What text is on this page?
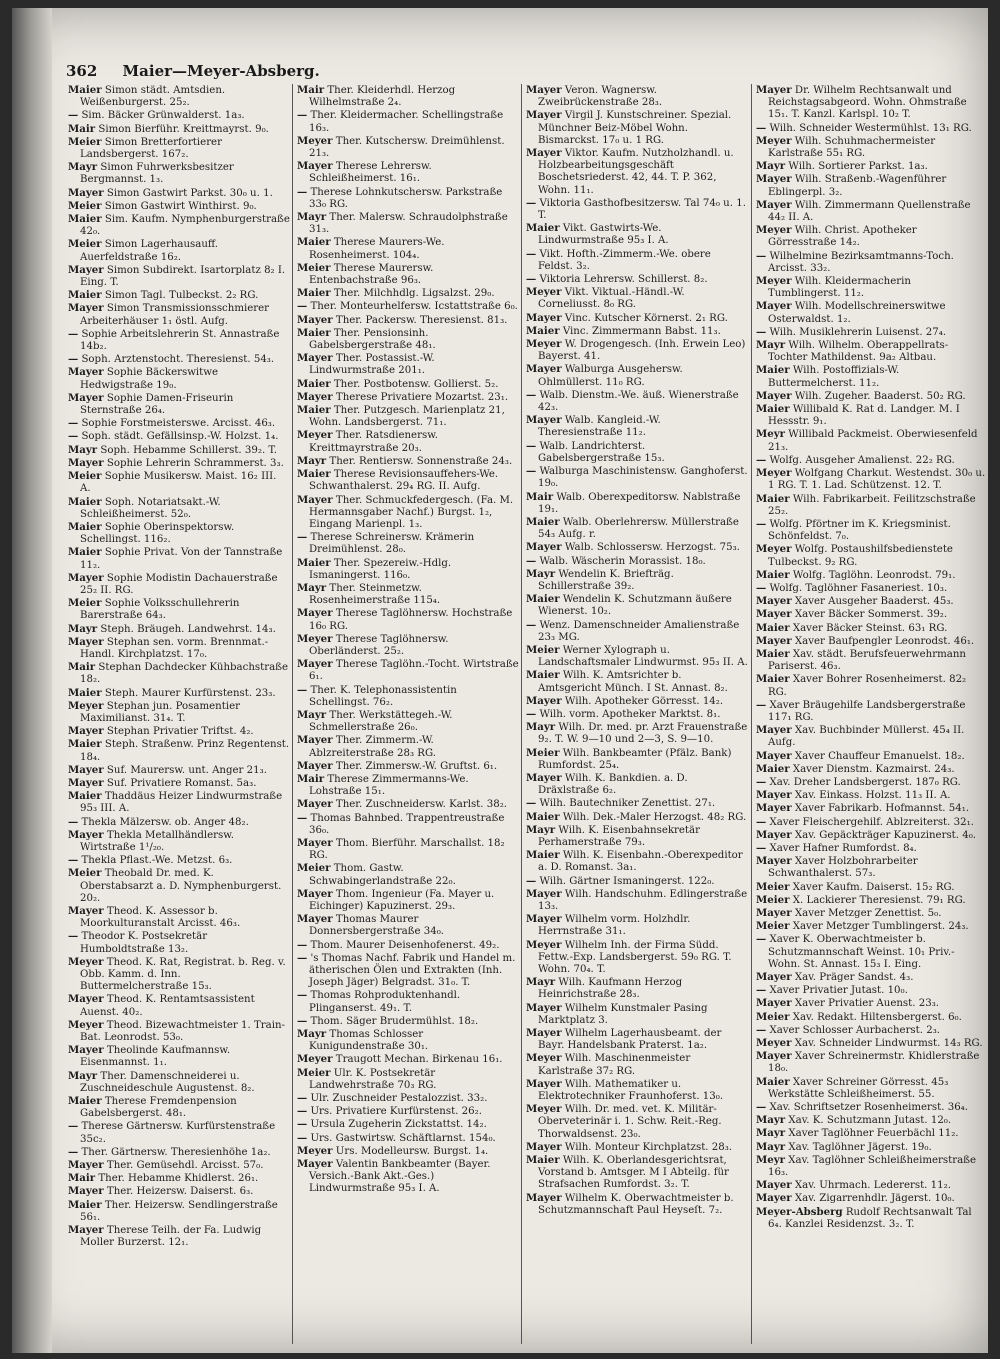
362 Maier—Meyer-Absberg.
Maier Simon städt. Amtsdien. Weißenburgerst. 25₂.
— Sim. Bäcker Grünwalderst. 1a₃.
Mair Simon Bierführ. Kreittmayrst. 9₀.
Meier Simon Bretterfortierer Landsbergerst. 167₂.
Mayr Simon Fuhrwerksbesitzer Bergmannst. 1₃.
Mayer Simon Gastwirt Parkst. 30₀ u. 1.
Meier Simon Gastwirt Winthirst. 9₀.
Maier Sim. Kaufm. Nymphenburgerstraße 42₀.
Meier Simon Lagerhausauff. Auerfeldstraße 16₂.
Mayer Simon Subdirekt. Isartorplatz 8₂ I. Eing. T.
Maier Simon Tagl. Tulbeckst. 2₂ RG.
Mayer Simon Transmissionsschmierer Arbeiterhäuser 1₁ östl. Aufg.
— Sophie Arbeitslehrerin St. Annastraße 14b₂.
— Soph. Arztenstocht. Theresienst. 54₃.
Mayer Sophie Bäckerswitwe Hedwigstraße 19₀.
Mayer Sophie Damen-Friseurin Sternstraße 26₄.
— Sophie Forstmeisterswe. Arcisst. 46₃.
— Soph. städt. Gefällsinsp.-W. Holzst. 1₄.
Mayr Soph. Hebamme Schillerst. 39₂. T.
Mayer Sophie Lehrerin Schrammerst. 3₃.
Meier Sophie Musikersw. Maist. 16₂ III. A.
Maier Soph. Notariatsakt.-W. Schleißheimerst. 52₀.
Maier Sophie Oberinspektorsw. Schellingst. 116₂.
Maier Sophie Privat. Von der Tannstraße 11₂.
Mayer Sophie Modistin Dachauerstraße 25₂ II. RG.
Meier Sophie Volksschullehrerin Barerstraße 64₃.
Mayr Steph. Bräugeh. Landwehrst. 14₃.
Mayer Stephan sen. vorm. Brennmat.-Handl. Kirchplatzst. 17₀.
Mair Stephan Dachdecker Kühbachstraße 18₂.
Maier Steph. Maurer Kurfürstenst. 23₃.
Meyer Stephan jun. Posamentier Maximilianst. 31₄. T.
Mayer Stephan Privatier Triftst. 4₂.
Maier Steph. Straßenw. Prinz Regentenst. 18₄.
Mayer Suf. Maurersw. unt. Anger 21₃.
Mayer Suf. Privatiere Romanst. 5a₃.
Maier Thaddäus Heizer Lindwurmstraße 95₃ III. A.
— Thekla Mälzersw. ob. Anger 48₂.
Mayer Thekla Metallhändlersw. Wirtstraße 1¹/₂₀.
— Thekla Pflast.-We. Metzst. 6₃.
Meier Theobald Dr. med. K. Oberstabsarzt a. D. Nymphenburgerst. 20₂.
Mayer Theod. K. Assessor b. Moorkulturanstalt Arcisst. 46₃.
— Theodor K. Postsekretär Humboldtstraße 13₂.
Meyer Theod. K. Rat, Registrat. b. Reg. v. Obb. Kamm. d. Inn. Buttermelcherstraße 15₃.
Mayer Theod. K. Rentamtsassistent Auenst. 40₂.
Meyer Theod. Bizewachtmeister 1. Train-Bat. Leonrodst. 53₀.
Mayer Theolinde Kaufmannsw. Eisenmannst. 1₁.
Mayr Ther. Damenschneiderei u. Zuschneideschule Augustenst. 8₂.
Maier Therese Fremdenpension Gabelsbergerst. 48₁.
— Therese Gärtnersw. Kurfürstenstraße 35c₂.
— Ther. Gärtnersw. Theresienhöhe 1a₂.
Mayer Ther. Gemüsehdl. Arcisst. 57₀.
Mair Ther. Hebamme Khidlerst. 26₁.
Mayer Ther. Heizersw. Daiserst. 6₃.
Maier Ther. Heizersw. Sendlingerstraße 56₁.
Mayer Therese Teilh. der Fa. Ludwig Moller Burzerst. 12₁.
Mair Ther. Kleiderhdl. Herzog Wilhelmstraße 2₄.
— Ther. Kleidermacher. Schellingstraße 16₃.
Meyer Ther. Kutschersw. Dreimühlenst. 21₃.
Mayer Therese Lehrersw. Schleißheimerst. 16₁.
— Therese Lohnkutschersw. Parkstraße 33₀ RG.
Mayr Ther. Malersw. Schraudolphstraße 31₃.
Maier Therese Maurers-We. Rosenheimerst. 104₄.
Meier Therese Maurersw. Entenbachstraße 96₃.
Maier Ther. Milchhdlg. Ligsalzst. 29₀.
— Ther. Monteurhelfersw. Icstattstraße 6₀.
Mayer Ther. Packersw. Theresienst. 81₃.
Maier Ther. Pensionsinh. Gabelsbergerstraße 48₁.
Mayer Ther. Postassist.-W. Lindwurmstraße 201₁.
Maier Ther. Postbotensw. Gollierst. 5₂.
Mayer Therese Privatiere Mozartst. 23₁.
Maier Ther. Putzgesch. Marienplatz 21, Wohn. Landsbergerst. 71₁.
Meyer Ther. Ratsdienersw. Kreittmayrstraße 20₃.
Mayr Ther. Rentiersw. Sonnenstraße 24₃.
Maier Therese Revisionsauffehers-We. Schwanthalerst. 29₄ RG. II. Aufg.
Mayer Ther. Schmuckfedergesch. (Fa. M. Hermannsgaber Nachf.) Burgst. 1₂, Eingang Marienpl. 1₃.
— Therese Schreinersw. Krämerin Dreimühlenst. 28₀.
Maier Ther. Spezereiw.-Hdlg. Ismaningerst. 116₀.
Mayr Ther. Steinmetzw. Rosenheimerstraße 115₄.
Mayer Therese Taglöhnersw. Hochstraße 16₀ RG.
Meyer Therese Taglöhnersw. Oberländerst. 25₂.
Mayer Therese Taglöhn.-Tocht. Wirtstraße 6₁.
— Ther. K. Telephonassistentin Schellingst. 76₂.
Mayr Ther. Werkstättegeh.-W. Schmellerstraße 26₀.
Mayer Ther. Zimmerm.-W. Ablzreiterstraße 28₃ RG.
Mayer Ther. Zimmersw.-W. Gruftst. 6₁.
Mair Therese Zimmermanns-We. Lohstraße 15₁.
Mayer Ther. Zuschneidersw. Karlst. 38₂.
— Thomas Bahnbed. Trappentreustraße 36₀.
Mayer Thom. Bierführ. Marschallst. 18₂ RG.
Meier Thom. Gastw. Schwabingerlandstraße 22₀.
Mayer Thom. Ingenieur (Fa. Mayer u. Eichinger) Kapuzinerst. 29₃.
Mayer Thomas Maurer Donnersbergerstraße 34₀.
— Thom. Maurer Deisenhofenerst. 49₂.
— 's Thomas Nachf. Fabrik und Handel m. ätherischen Ölen und Extrakten (Inh. Joseph Jäger) Belgradst. 31₀. T.
— Thomas Rohproduktenhandl. Plinganserst. 49₁. T.
— Thom. Säger Brudermühlst. 18₂.
Mayr Thomas Schlosser Kunigundenstraße 30₁.
Meyer Traugott Mechan. Birkenau 16₁.
Meier Ulr. K. Postsekretär Landwehrstraße 70₃ RG.
— Ulr. Zuschneider Pestalozzist. 33₂.
— Urs. Privatiere Kurfürstenst. 26₂.
— Ursula Zugeherin Zickstattst. 14₂.
— Urs. Gastwirtsw. Schäftlarnst. 154₀.
Meyer Urs. Modelleursw. Burgst. 1₄.
Mayer Valentin Bankbeamter (Bayer. Versich.-Bank Akt.-Ges.) Lindwurmstraße 95₃ I. A.
Mayer Veron. Wagnersw. Zweibrückenstraße 28₃.
Mayer Virgil J. Kunstschreiner. Spezial. Münchner Beiz-Möbel Wohn. Bismarckst. 17₀ u. 1 RG.
Mayer Viktor. Kaufm. Nutzholzhandl. u. Holzbearbeitungsgeschäft Boschetsriederst. 42, 44. T. P. 362, Wohn. 11₁.
— Viktoria Gasthofbesitzersw. Tal 74₀ u. 1. T.
Maier Vikt. Gastwirts-We. Lindwurmstraße 95₃ I. A.
— Vikt. Hofth.-Zimmerm.-We. obere Feldst. 3₂.
— Viktoria Lehrersw. Schillerst. 8₂.
Meyer Vikt. Viktual.-Händl.-W. Corneliusst. 8₀ RG.
Mayer Vinc. Kutscher Körnerst. 2₁ RG.
Maier Vinc. Zimmermann Babst. 11₃.
Meyer W. Drogengesch. (Inh. Erwein Leo) Bayerst. 41.
Mayer Walburga Ausgehersw. Ohlmüllerst. 11₀ RG.
— Walb. Dienstm.-We. äuß. Wienerstraße 42₃.
Mayer Walb. Kangleid.-W. Theresienstraße 11₂.
— Walb. Landrichterst. Gabelsbergerstraße 15₃.
— Walburga Maschinistensw. Ganghoferst. 19₀.
Mair Walb. Oberexpeditorsw. Nablstraße 19₁.
Maier Walb. Oberlehrersw. Müllerstraße 54₃ Aufg. r.
Mayer Walb. Schlossersw. Herzogst. 75₃.
— Walb. Wäscherin Morassist. 18₀.
Mayr Wendelin K. Briefträg. Schillerstraße 39₂.
Maier Wendelin K. Schutzmann äußere Wienerst. 10₂.
— Wenz. Damenschneider Amalienstraße 23₃ MG.
Meier Werner Xylograph u. Landschaftsmaler Lindwurmst. 95₃ II. A.
Maier Wilh. K. Amtsrichter b. Amtsgericht Münch. I St. Annast. 8₂.
Mayer Wilh. Apotheker Görresst. 14₂.
— Wilh. vorm. Apotheker Marktst. 8₁.
Mayr Wilh. Dr. med. pr. Arzt Frauenstraße 9₂. T. W. 9—10 und 2—3, S. 9—10.
Meier Wilh. Bankbeamter (Pfälz. Bank) Rumfordst. 25₄.
Mayer Wilh. K. Bankdien. a. D. Dräxlstraße 6₂.
— Wilh. Bautechniker Zenettist. 27₁.
Maier Wilh. Dek.-Maler Herzogst. 48₂ RG.
Mayr Wilh. K. Eisenbahnsekretär Perhamerstraße 79₃.
Maier Wilh. K. Eisenbahn.-Oberexpeditor a. D. Romanst. 3a₁.
— Wilh. Gärtner Ismaningerst. 122₀.
Mayer Wilh. Handschuhm. Edlingerstraße 13₃.
Mayer Wilhelm vorm. Holzhdlr. Herrnstraße 31₁.
Meyer Wilhelm Inh. der Firma Südd. Fettw.-Exp. Landsbergerst. 59₀ RG. T. Wohn. 70₄. T.
Mayr Wilh. Kaufmann Herzog Heinrichstraße 28₃.
Mayer Wilhelm Kunstmaler Pasing Marktplatz 3.
Mayer Wilhelm Lagerhausbeamt. der Bayr. Handelsbank Praterst. 1a₂.
Meyer Wilh. Maschinenmeister Karlstraße 37₂ RG.
Mayer Wilh. Mathematiker u. Elektrotechniker Fraunhoferst. 13₀.
Meyer Wilh. Dr. med. vet. K. Militär-Oberveterinär i. 1. Schw. Reit.-Reg. Thorwaldsenst. 23₀.
Mayer Wilh. Monteur Kirchplatzst. 28₃.
Maier Wilh. K. Oberlandesgerichtsrat, Vorstand b. Amtsger. M I Abteilg. für Strafsachen Rumfordst. 3₂. T.
Mayer Wilhelm K. Oberwachtmeister b. Schutzmannschaft Paul Heyseſt. 7₂.
Mayer Dr. Wilhelm Rechtsanwalt und Reichstagsabgeord. Wohn. Ohmstraße 15₁. T. Kanzl. Karlspl. 10₂ T.
— Wilh. Schneider Westermühlst. 13₁ RG.
Meyer Wilh. Schuhmachermeister Karlstraße 55₁ RG.
Mayr Wilh. Sortierer Parkst. 1a₃.
Mayer Wilh. Straßenb.-Wagenführer Eblingerpl. 3₂.
Mayer Wilh. Zimmermann Quellenstraße 44₂ II. A.
Meyer Wilh. Christ. Apotheker Görresstraße 14₂.
— Wilhelmine Bezirksamtmanns-Toch. Arcisst. 33₂.
Meyer Wilh. Kleidermacherin Tumblingerst. 11₂.
Mayer Wilh. Modellschreinerswitwe Osterwaldst. 1₂.
— Wilh. Musiklehrerin Luisenst. 27₄.
Mayr Wilh. Wilhelm. Oberappellrats-Tochter Mathildenst. 9a₂ Altbau.
Maier Wilh. Postoffizials-W. Buttermelcherst. 11₂.
Mayer Wilh. Zugeher. Baaderst. 50₂ RG.
Maier Willibald K. Rat d. Landger. M. I Hessstr. 9₁.
Meyr Willibald Packmeist. Oberwiesenfeld 21₃.
— Wolfg. Ausgeher Amalienst. 22₂ RG.
Meyer Wolfgang Charkut. Westendst. 30₀ u. 1 RG. T. 1. Lad. Schützenst. 12. T.
Maier Wilh. Fabrikarbeit. Feilitzschstraße 25₂.
— Wolfg. Pförtner im K. Kriegsminist. Schönfeldst. 7₀.
Meyer Wolfg. Postaushilfsbedienstete Tulbeckst. 9₂ RG.
Maier Wolfg. Taglöhn. Leonrodst. 79₁.
— Wolfg. Taglöhner Fasaneriest. 10₃.
Mayer Xaver Ausgeher Baaderst. 45₃.
Mayer Xaver Bäcker Sommerst. 39₂.
Maier Xaver Bäcker Steinst. 63₁ RG.
Mayer Xaver Baufpengler Leonrodst. 46₁.
Maier Xav. städt. Berufsfeuerwehrmann Pariserst. 46₃.
Maier Xaver Bohrer Rosenheimerst. 82₂ RG.
— Xaver Bräugehilfe Landsbergerstraße 117₁ RG.
Mayer Xav. Buchbinder Müllerst. 45₄ II. Aufg.
Mayer Xaver Chauffeur Emanuelst. 18₂.
Maier Xaver Dienstm. Kazmairst. 24₃.
— Xav. Dreher Landsbergerst. 187₀ RG.
Mayer Xav. Einkass. Holzst. 11₃ II. A.
Mayer Xaver Fabrikarb. Hofmannst. 54₁.
— Xaver Fleischergehilf. Ablzreiterst. 32₁.
Mayer Xav. Gepäckträger Kapuzinerst. 4₀.
— Xaver Hafner Rumfordst. 8₄.
Mayer Xaver Holzbohrarbeiter Schwanthalerst. 57₃.
Meier Xaver Kaufm. Daiserst. 15₂ RG.
Meier X. Lackierer Theresienst. 79₁ RG.
Mayer Xaver Metzger Zenettist. 5₀.
Meier Xaver Metzger Tumblingerst. 24₃.
— Xaver K. Oberwachtmeister b. Schutzmannschaft Weinst. 10₁ Priv.-Wohn. St. Annast. 15₃ I. Eing.
Mayer Xav. Präger Sandst. 4₃.
— Xaver Privatier Jutast. 10₀.
Mayer Xaver Privatier Auenst. 23₃.
Meier Xav. Redakt. Hiltensbergerst. 6₀.
— Xaver Schlosser Aurbacherst. 2₃.
Meyer Xav. Schneider Lindwurmst. 14₃ RG.
Mayer Xaver Schreinermstr. Khidlerstraße 18₀.
Maier Xaver Schreiner Görresst. 45₃ Werkstätte Schleißheimerst. 55.
— Xav. Schriftsetzer Rosenheimerst. 36₄.
Mayr Xav. K. Schutzmann Jutast. 12₀.
Mayr Xaver Taglöhner Feuerbächl 11₂.
Mayr Xav. Taglöhner Jägerst. 19₀.
Meyr Xav. Taglöhner Schleißheimerstraße 16₃.
Mayer Xav. Uhrmach. Ledererst. 11₂.
Mayer Xav. Zigarrenhdlr. Jägerst. 10₀.
Meyer-Absberg Rudolf Rechtsanwalt Tal 6₄. Kanzlei Residenzst. 3₂. T.
